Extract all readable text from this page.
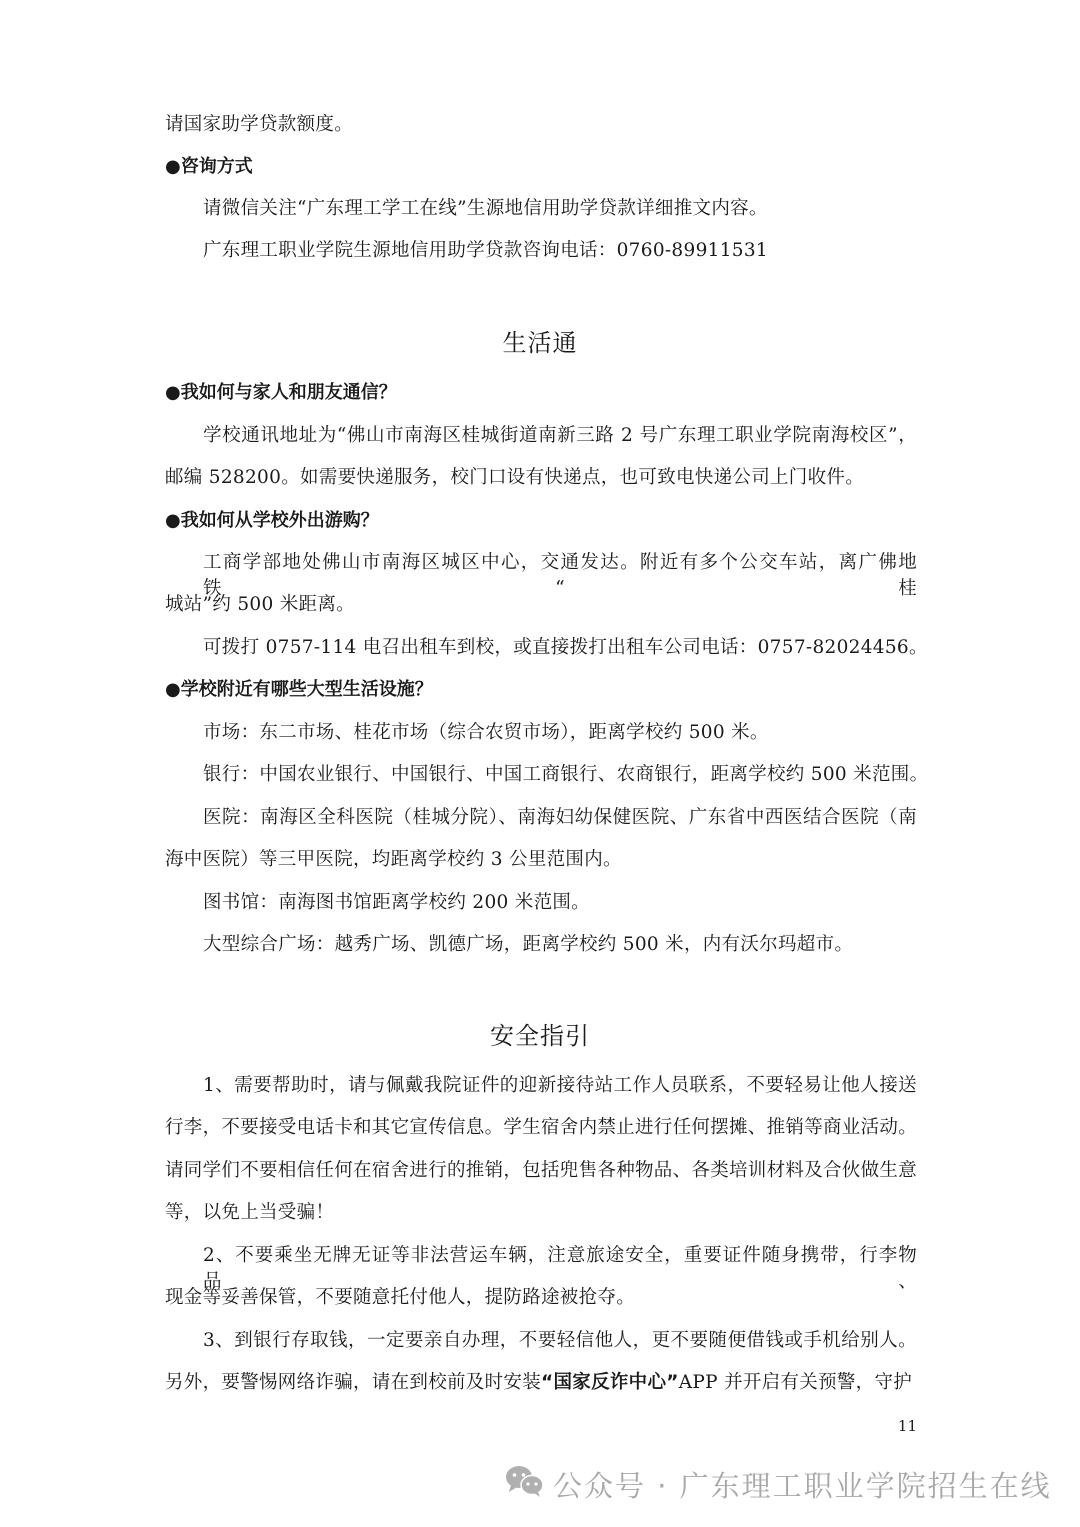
请国家助学贷款额度。
●咨询方式
请微信关注“广东理工学工在线”生源地信用助学贷款详细推文内容。
广东理工职业学院生源地信用助学贷款咨询电话：0760-89911531
生活通
●我如何与家人和朋友通信？
学校通讯地址为“佛山市南海区桂城街道南新三路 2 号广东理工职业学院南海校区”，
邮编 528200。如需要快递服务，校门口设有快递点，也可致电快递公司上门收件。
●我如何从学校外出游购？
工商学部地处佛山市南海区城区中心，交通发达。附近有多个公交车站，离广佛地铁“桂
城站”约 500 米距离。
可拨打 0757-114 电召出租车到校，或直接拨打出租车公司电话：0757-82024456。
●学校附近有哪些大型生活设施？
市场：东二市场、桂花市场（综合农贸市场），距离学校约 500 米。
银行：中国农业银行、中国银行、中国工商银行、农商银行，距离学校约 500 米范围。
医院：南海区全科医院（桂城分院）、南海妇幼保健医院、广东省中西医结合医院（南
海中医院）等三甲医院，均距离学校约 3 公里范围内。
图书馆：南海图书馆距离学校约 200 米范围。
大型综合广场：越秀广场、凯德广场，距离学校约 500 米，内有沃尔玛超市。
安全指引
1、需要帮助时，请与佩戴我院证件的迎新接待站工作人员联系，不要轻易让他人接送
行李，不要接受电话卡和其它宣传信息。学生宿舍内禁止进行任何摆摊、推销等商业活动。
请同学们不要相信任何在宿舍进行的推销，包括兜售各种物品、各类培训材料及合伙做生意
等，以免上当受骗！
2、不要乘坐无牌无证等非法营运车辆，注意旅途安全，重要证件随身携带，行李物品、
现金等妥善保管，不要随意托付他人，提防路途被抢夺。
3、到银行存取钱，一定要亲自办理，不要轻信他人，更不要随便借钱或手机给别人。
另外，要警惕网络诈骗，请在到校前及时安装“国家反诈中心”APP 并开启有关预警，守护
11
公众号 · 广东理工职业学院招生在线
